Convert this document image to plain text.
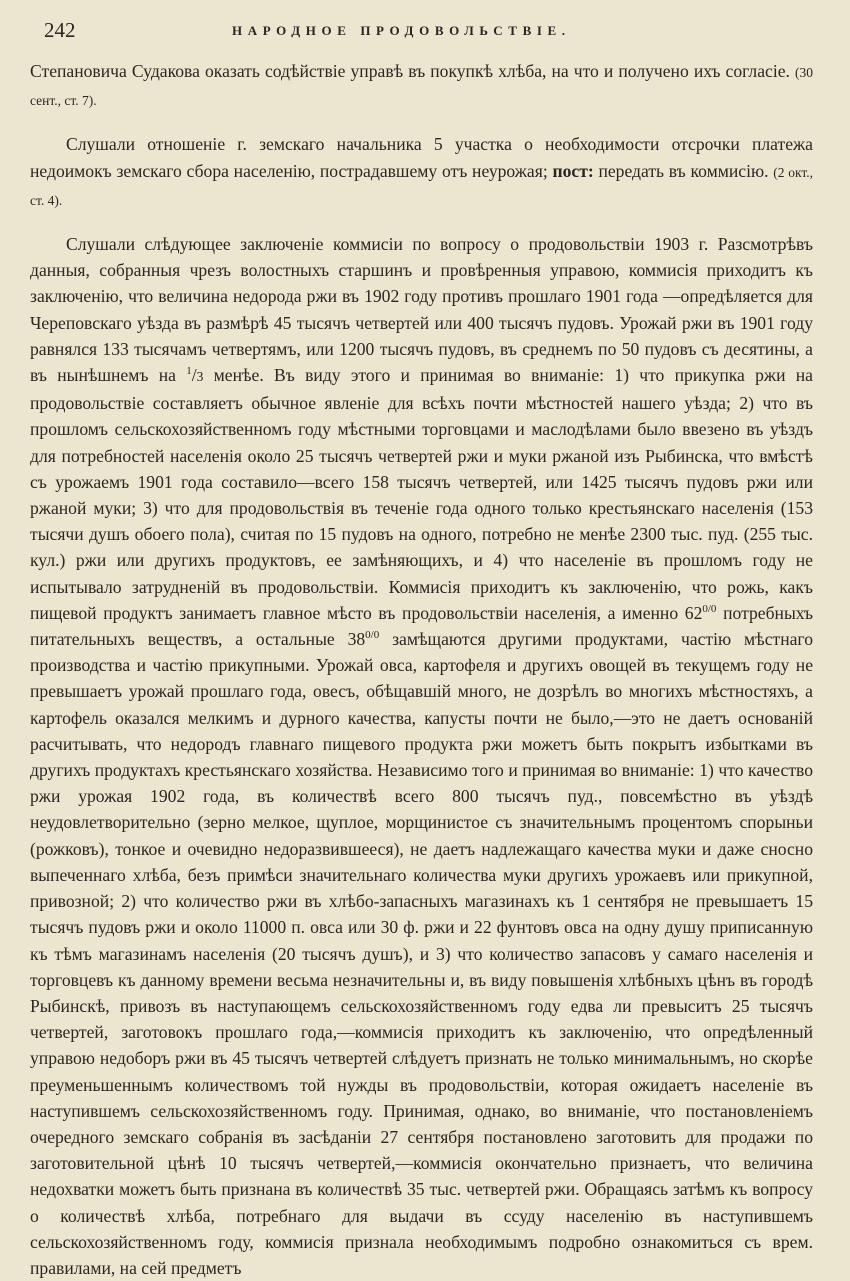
242	НАРОДНОЕ ПРОДОВОЛЬСТВІЕ.

Степановича Судакова оказать содѣйствіе управѣ въ покупкѣ хлѣба, на что и получено ихъ согласіе. (30 сент., ст. 7).

Слушали отношеніе г. земскаго начальника 5 участка о необходимости отсрочки платежа недоимокъ земскаго сбора населенію, пострадавшему отъ неурожая; пост: передать въ коммисію. (2 окт., ст. 4).

Слушали слѣдующее заключеніе коммисіи по вопросу о продовольствіи 1903 г. Разсмотрѣвъ данныя, собранныя чрезъ волостныхъ старшинъ и провѣренныя управою, коммисія приходитъ къ заключенію, что величина недорода ржи въ 1902 году противъ прошлаго 1901 года —опредѣляется для Череповскаго уѣзда въ размѣрѣ 45 тысячъ четвертей или 400 тысячъ пудовъ. Урожай ржи въ 1901 году равнялся 133 тысячамъ четвертямъ, или 1200 тысячъ пудовъ, въ среднемъ по 50 пудовъ съ десятины, а въ нынѣшнемъ на $^1$/3 менѣе. Въ виду этого и принимая во вниманіе: 1) что прикупка ржи на продовольствіе составляетъ обычное явленіе для всѣхъ почти мѣстностей нашего уѣзда; 2) что въ прошломъ сельскохозяйственномъ году мѣстными торговцами и маслодѣлами было ввезено въ уѣздъ для потребностей населенія около 25 тысячъ четвертей ржи и муки ржаной изъ Рыбинска, что вмѣстѣ съ урожаемъ 1901 года составило—всего 158 тысячъ четвертей, или 1425 тысячъ пудовъ ржи или ржаной муки; 3) что для продовольствія въ теченіе года одного только крестьянскаго населенія (153 тысячи душъ обоего пола), считая по 15 пудовъ на одного, потребно не менѣе 2300 тыс. пуд. (255 тыс. кул.) ржи или другихъ продуктовъ, ее замѣняющихъ, и 4) что населеніе въ прошломъ году не испытывало затрудненій въ продовольствіи. Коммисія приходитъ къ заключенію, что рожь, какъ пищевой продуктъ занимаетъ главное мѣсто въ продовольствіи населенія, а именно $62^{0/0}$ потребныхъ питательныхъ веществъ, а остальные $38^{0/0}$ замѣщаются другими продуктами, частію мѣстнаго производства и частію прикупными. Урожай овса, картофеля и другихъ овощей въ текущемъ году не превышаетъ урожай прошлаго года, овесъ, обѣщавшій много, не дозрѣлъ во многихъ мѣстностяхъ, а картофель оказался мелкимъ и дурного качества, капусты почти не было,—это не даетъ основаній расчитывать, что недородъ главнаго пищевого продукта ржи можетъ быть покрытъ избытками въ другихъ продуктахъ крестьянскаго хозяйства. Независимо того и принимая во вниманіе: 1) что качество ржи урожая 1902 года, въ количествѣ всего 800 тысячъ пуд., повсемѣстно въ уѣздѣ неудовлетворительно (зерно мелкое, щуплое, морщинистое съ значительнымъ процентомъ спорыньи (рожковъ), тонкое и очевидно недоразвившееся), не даетъ надлежащаго качества муки и даже сносно выпеченнаго хлѣба, безъ примѣси значительнаго количества муки другихъ урожаевъ или прикупной, привозной; 2) что количество ржи въ хлѣбо-запасныхъ магазинахъ къ 1 сентября не превышаетъ 15 тысячъ пудовъ ржи и около 11000 п. овса или 30 ф. ржи и 22 фунтовъ овса на одну душу приписанную къ тѣмъ магазинамъ населенія (20 тысячъ душъ), и 3) что количество запасовъ у самаго населенія и торговцевъ къ данному времени весьма незначительны и, въ виду повышенія хлѣбныхъ цѣнъ въ городѣ Рыбинскѣ, привозъ въ наступающемъ сельскохозяйственномъ году едва ли превыситъ 25 тысячъ четвертей, заготовокъ прошлаго года,—коммисія приходитъ къ заключенію, что опредѣленный управою недоборъ ржи въ 45 тысячъ четвертей слѣдуетъ признать не только минимальнымъ, но скорѣе преуменьшеннымъ количествомъ той нужды въ продовольствіи, которая ожидаетъ населеніе въ наступившемъ сельскохозяйственномъ году. Принимая, однако, во вниманіе, что постановленіемъ очередного земскаго собранія въ засѣданіи 27 сентября постановлено заготовить для продажи по заготовительной цѣнѣ 10 тысячъ четвертей,—коммисія окончательно признаетъ, что величина недохватки можетъ быть признана въ количествѣ 35 тыс. четвертей ржи. Обращаясь затѣмъ къ вопросу о количествѣ хлѣба, потребнаго для выдачи въ ссуду населенію въ наступившемъ сельскохозяйственномъ году, коммисія признала необходимымъ подробно ознакомиться съ врем. правилами, на сей предметъ
